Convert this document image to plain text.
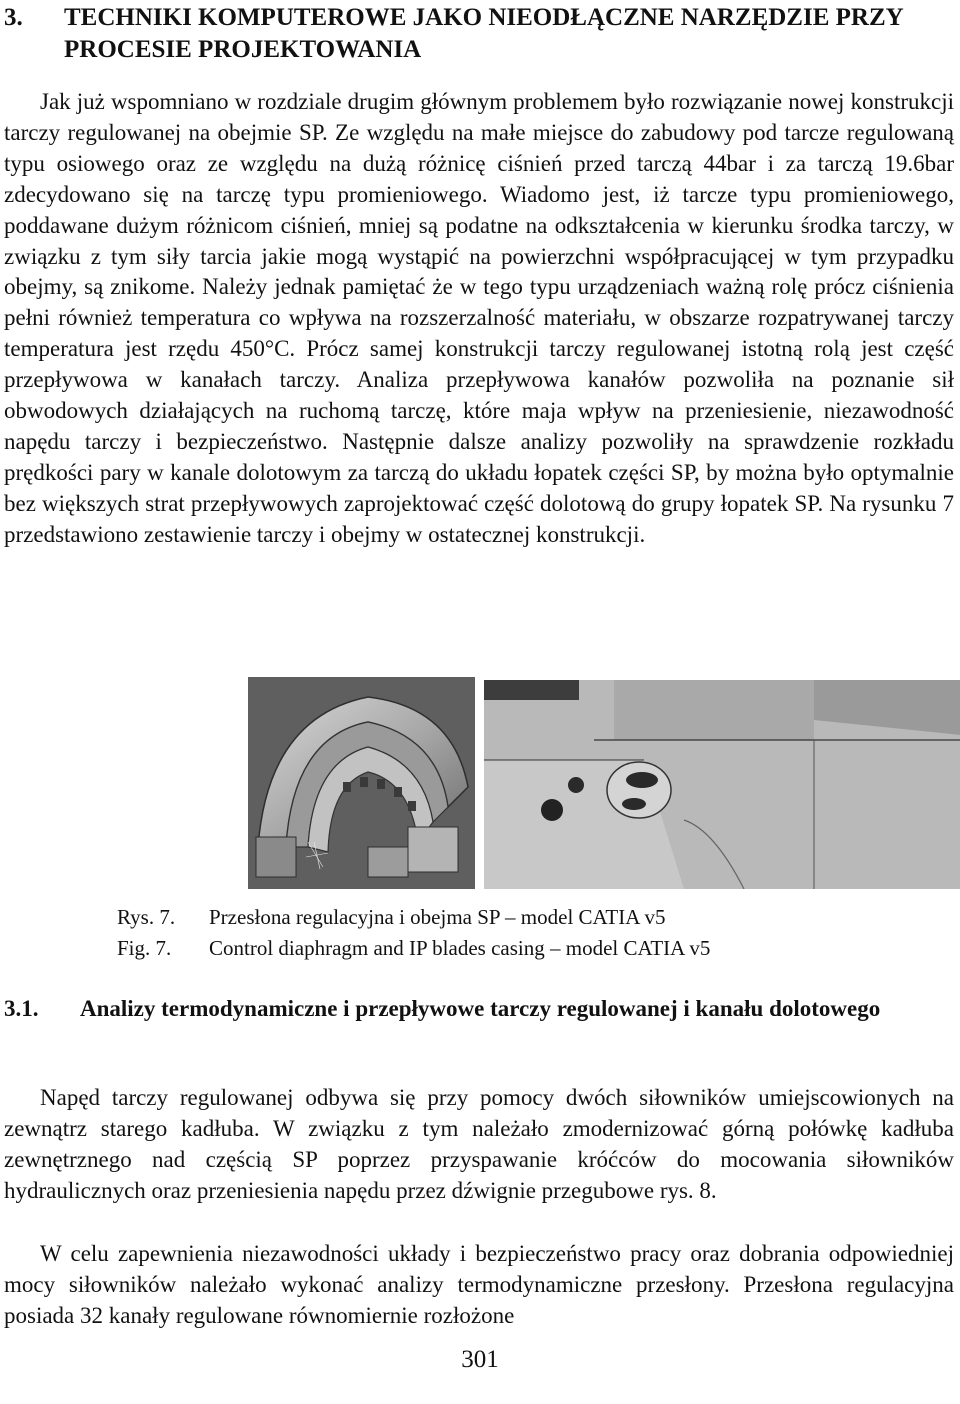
3.	TECHNIKI KOMPUTEROWE JAKO NIEODŁĄCZNE NARZĘDZIE PRZY PROCESIE PROJEKTOWANIA

Jak już wspomniano w rozdziale drugim głównym problemem było rozwiązanie nowej konstrukcji tarczy regulowanej na obejmie SP. Ze względu na małe miejsce do zabudowy pod tarcze regulowaną typu osiowego oraz ze względu na dużą różnicę ciśnień przed tarczą 44bar i za tarczą 19.6bar zdecydowano się na tarczę typu promieniowego. Wiadomo jest, iż tarcze typu promieniowego, poddawane dużym różnicom ciśnień, mniej są podatne na odkształcenia w kierunku środka tarczy, w związku z tym siły tarcia jakie mogą wystąpić na powierzchni współpracującej w tym przypadku obejmy, są znikome. Należy jednak pamiętać że w tego typu urządzeniach ważną rolę prócz ciśnienia pełni również temperatura co wpływa na rozszerzalność materiału, w obszarze rozpatrywanej tarczy temperatura jest rzędu 450°C. Prócz samej konstrukcji tarczy regulowanej istotną rolą jest część przepływowa w kanałach tarczy. Analiza przepływowa kanałów pozwoliła na poznanie sił obwodowych działających na ruchomą tarczę, które maja wpływ na przeniesienie, niezawodność napędu tarczy i bezpieczeństwo. Następnie dalsze analizy pozwoliły na sprawdzenie rozkładu prędkości pary w kanale dolotowym za tarczą do układu łopatek części SP, by można było optymalnie bez większych strat przepływowych zaprojektować część dolotową do grupy łopatek SP. Na rysunku 7 przedstawiono zestawienie tarczy i obejmy w ostatecznej konstrukcji.

Rys. 7.	Przesłona regulacyjna i obejma SP – model CATIA v5
Fig. 7.	Control diaphragm and IP blades casing – model CATIA v5
3.1.	Analizy termodynamiczne i przepływowe tarczy regulowanej i kanału dolotowego

Napęd tarczy regulowanej odbywa się przy pomocy dwóch siłowników umiejscowionych na zewnątrz starego kadłuba. W związku z tym należało zmodernizować górną połówkę kadłuba zewnętrznego nad częścią SP poprzez przyspawanie króćców do mocowania siłowników hydraulicznych oraz przeniesienia napędu przez dźwignie przegubowe rys. 8.

W celu zapewnienia niezawodności układy i bezpieczeństwo pracy oraz dobrania odpowiedniej mocy siłowników należało wykonać analizy termodynamiczne przesłony. Przesłona regulacyjna posiada 32 kanały regulowane równomiernie rozłożone

301
